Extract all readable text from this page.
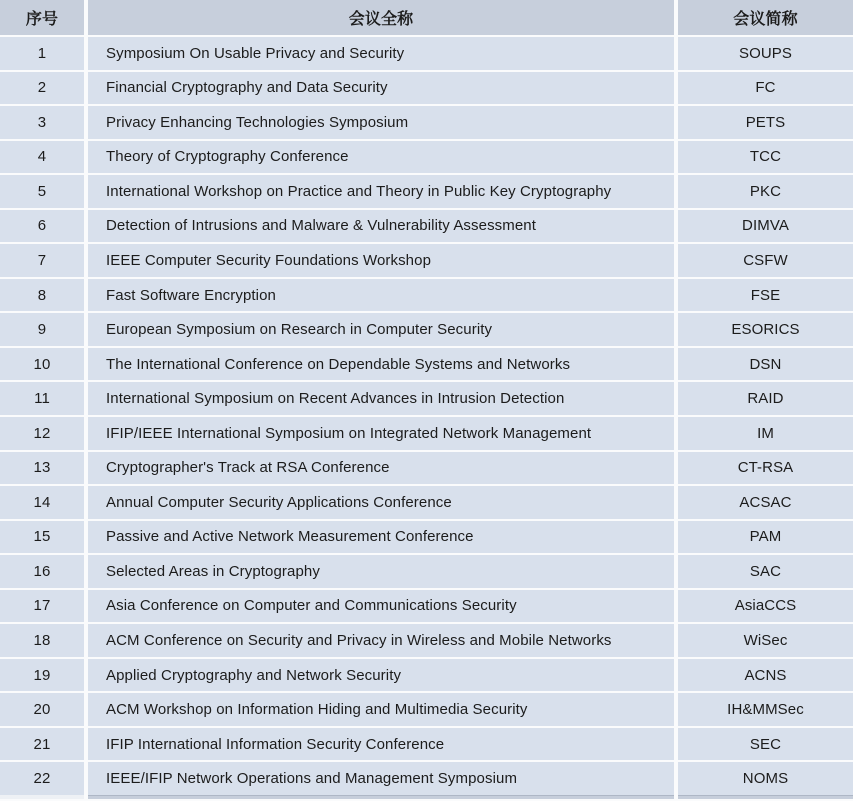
序号	会议全称	会议简称
1	Symposium On Usable Privacy and Security	SOUPS
2	Financial Cryptography and Data Security	FC
3	Privacy Enhancing Technologies Symposium	PETS
4	Theory of Cryptography Conference	TCC
5	International Workshop on Practice and Theory in Public Key Cryptography	PKC
6	Detection of Intrusions and Malware & Vulnerability Assessment	DIMVA
7	IEEE Computer Security Foundations Workshop	CSFW
8	Fast Software Encryption	FSE
9	European Symposium on Research in Computer Security	ESORICS
10	The International Conference on Dependable Systems and Networks	DSN
11	International Symposium on Recent Advances in Intrusion Detection	RAID
12	IFIP/IEEE International Symposium on Integrated Network Management	IM
13	Cryptographer's Track at RSA Conference	CT-RSA
14	Annual Computer Security Applications Conference	ACSAC
15	Passive and Active Network Measurement Conference	PAM
16	Selected Areas in Cryptography	SAC
17	Asia Conference on Computer and Communications Security	AsiaCCS
18	ACM Conference on Security and Privacy in Wireless and Mobile Networks	WiSec
19	Applied Cryptography and Network Security	ACNS
20	ACM Workshop on Information Hiding and Multimedia Security	IH&MMSec
21	IFIP International Information Security Conference	SEC
22	IEEE/IFIP Network Operations and Management Symposium	NOMS
